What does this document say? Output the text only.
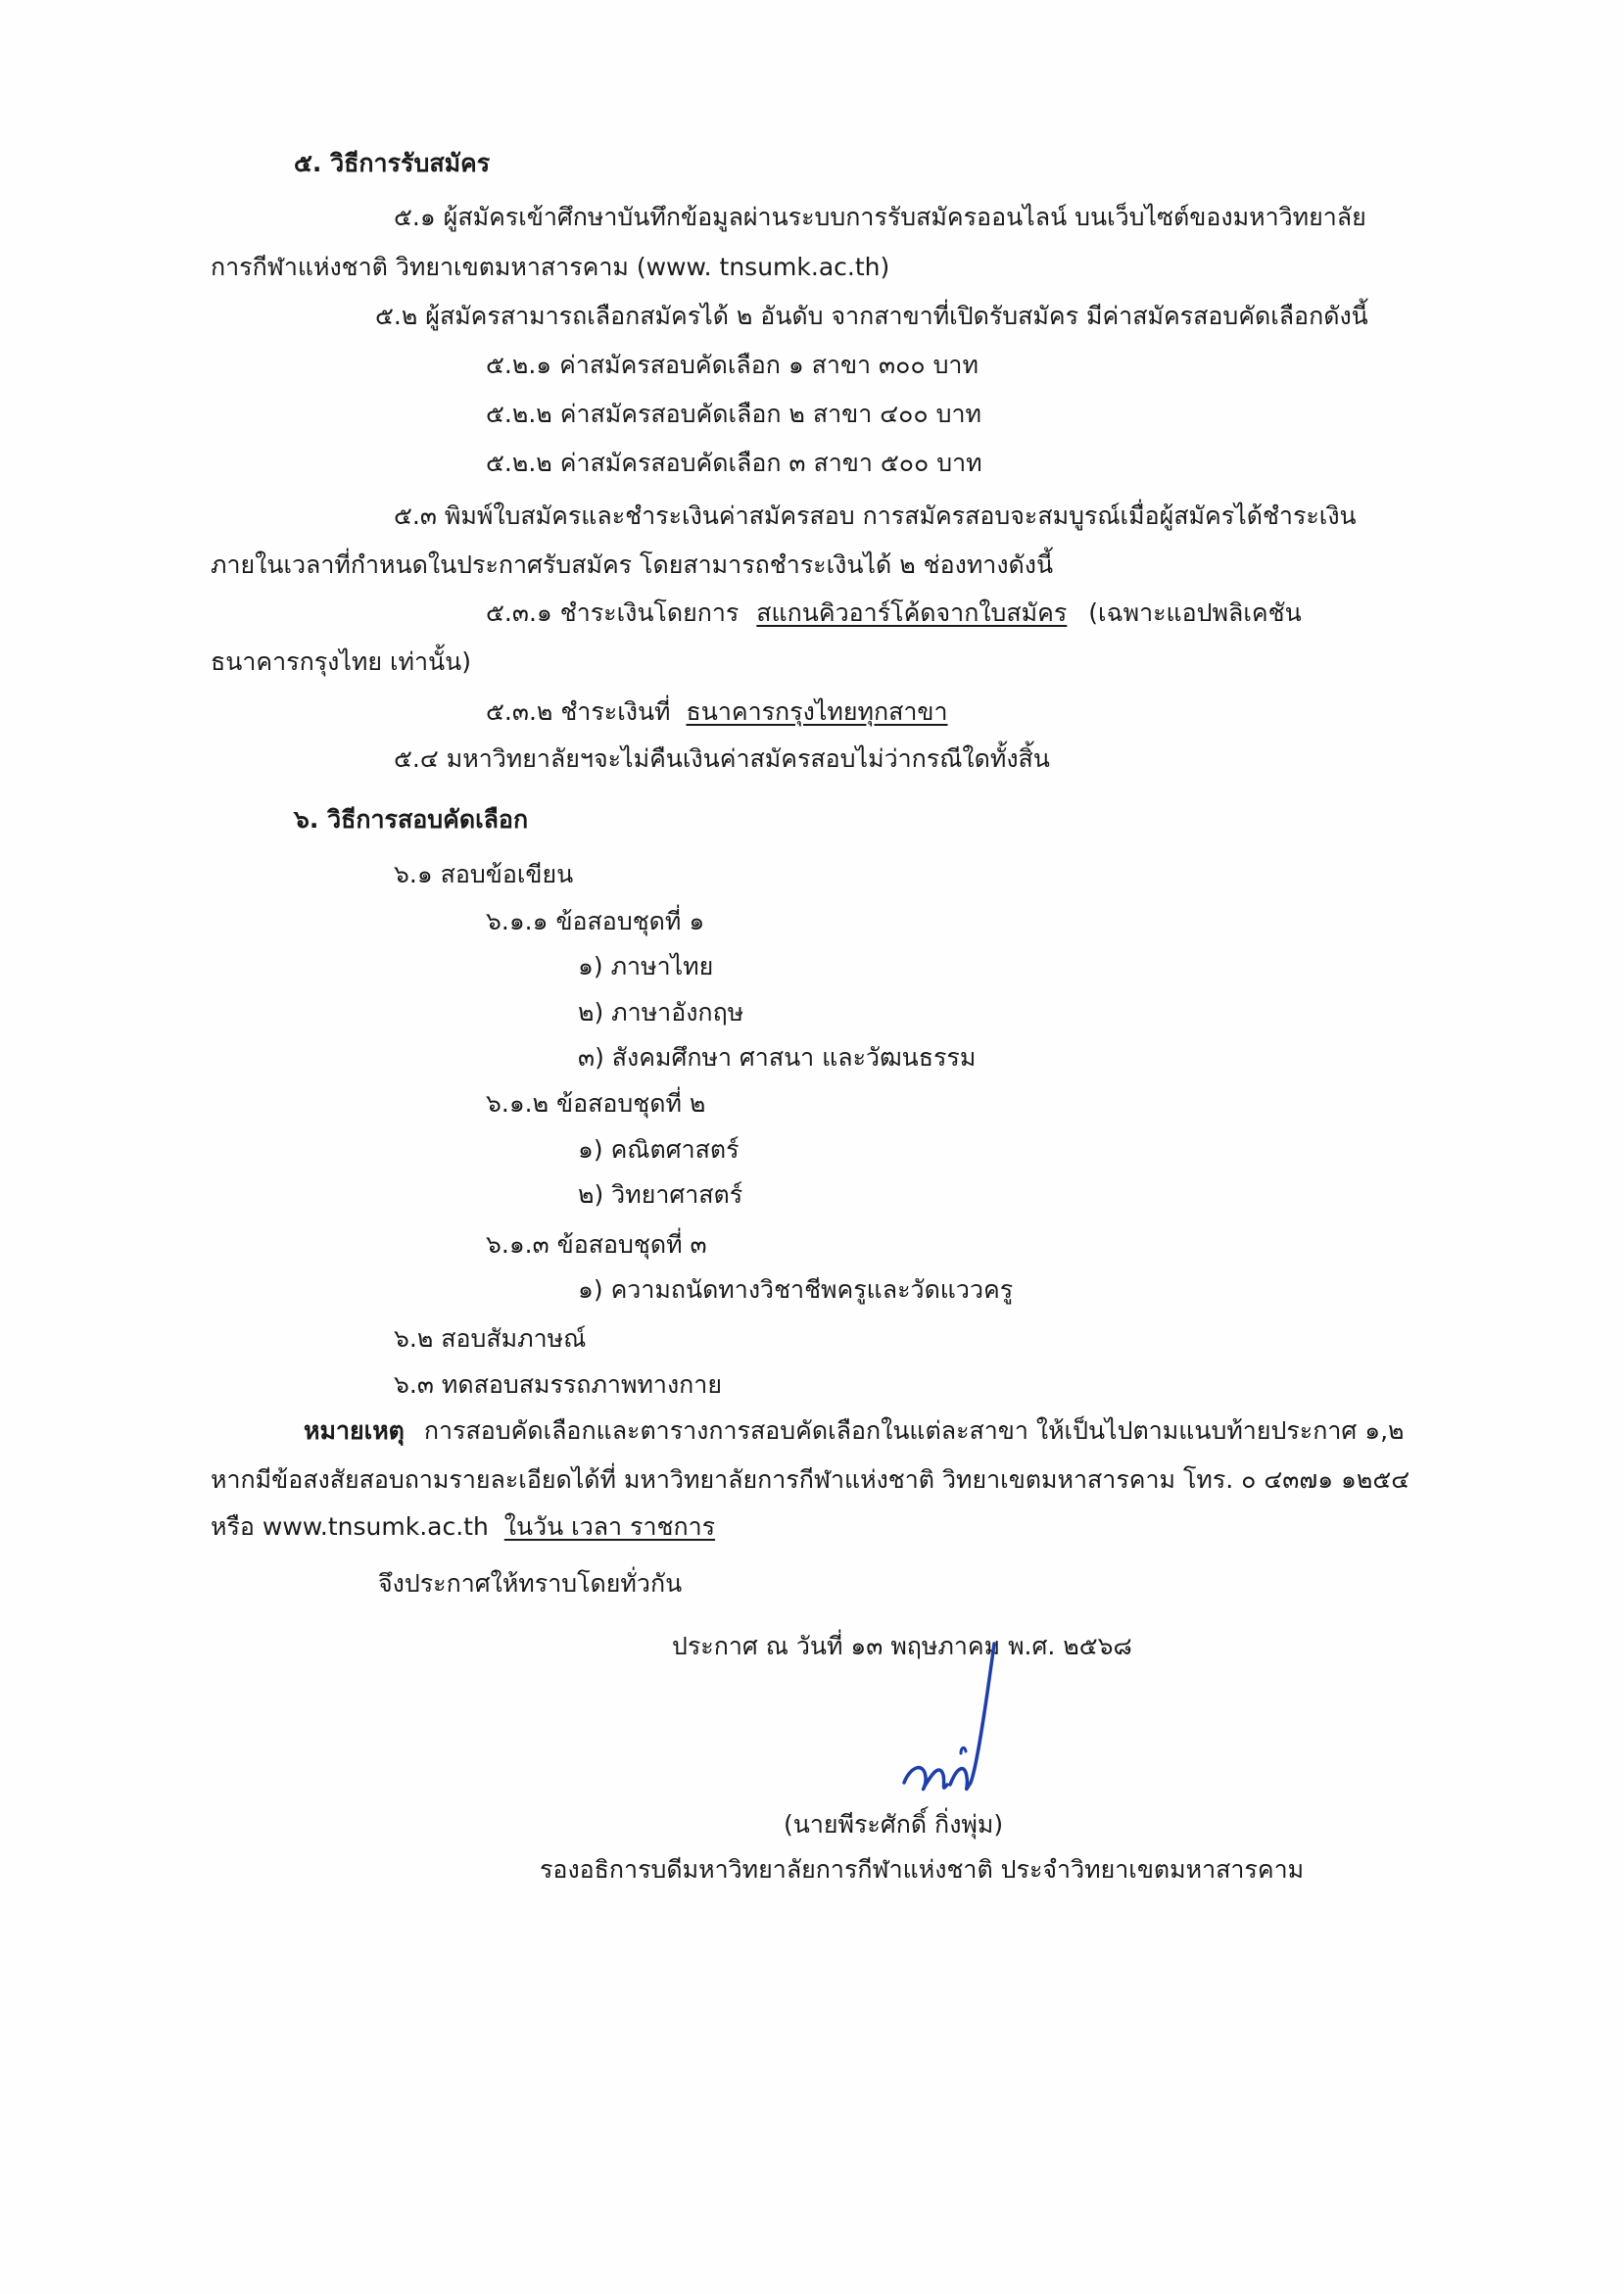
๕. วิธีการรับสมัคร
๕.๑ ผู้สมัครเข้าศึกษาบันทึกข้อมูลผ่านระบบการรับสมัครออนไลน์ บนเว็บไซต์ของมหาวิทยาลัย
การกีฬาแห่งชาติ วิทยาเขตมหาสารคาม (www. tnsumk.ac.th)
๕.๒ ผู้สมัครสามารถเลือกสมัครได้ ๒ อันดับ จากสาขาที่เปิดรับสมัคร มีค่าสมัครสอบคัดเลือกดังนี้
๕.๒.๑ ค่าสมัครสอบคัดเลือก ๑ สาขา ๓๐๐ บาท
๕.๒.๒ ค่าสมัครสอบคัดเลือก ๒ สาขา ๔๐๐ บาท
๕.๒.๒ ค่าสมัครสอบคัดเลือก ๓ สาขา ๕๐๐ บาท
๕.๓ พิมพ์ใบสมัครและชำระเงินค่าสมัครสอบ การสมัครสอบจะสมบูรณ์เมื่อผู้สมัครได้ชำระเงิน
ภายในเวลาที่กำหนดในประกาศรับสมัคร โดยสามารถชำระเงินได้ ๒ ช่องทางดังนี้
๕.๓.๑ ชำระเงินโดยการ สแกนคิวอาร์โค้ดจากใบสมัคร (เฉพาะแอปพลิเคชัน
ธนาคารกรุงไทย เท่านั้น)
๕.๓.๒ ชำระเงินที่ ธนาคารกรุงไทยทุกสาขา
๕.๔ มหาวิทยาลัยฯจะไม่คืนเงินค่าสมัครสอบไม่ว่ากรณีใดทั้งสิ้น
๖. วิธีการสอบคัดเลือก
๖.๑ สอบข้อเขียน
๖.๑.๑ ข้อสอบชุดที่ ๑
๑) ภาษาไทย
๒) ภาษาอังกฤษ
๓) สังคมศึกษา ศาสนา และวัฒนธรรม
๖.๑.๒ ข้อสอบชุดที่ ๒
๑) คณิตศาสตร์
๒) วิทยาศาสตร์
๖.๑.๓ ข้อสอบชุดที่ ๓
๑) ความถนัดทางวิชาชีพครูและวัดแววครู
๖.๒ สอบสัมภาษณ์
๖.๓ ทดสอบสมรรถภาพทางกาย
หมายเหตุ การสอบคัดเลือกและตารางการสอบคัดเลือกในแต่ละสาขา ให้เป็นไปตามแนบท้ายประกาศ ๑,๒
หากมีข้อสงสัยสอบถามรายละเอียดได้ที่ มหาวิทยาลัยการกีฬาแห่งชาติ วิทยาเขตมหาสารคาม โทร. ๐ ๔๓๗๑ ๑๒๕๔
หรือ www.tnsumk.ac.th ในวัน เวลา ราชการ
จึงประกาศให้ทราบโดยทั่วกัน
ประกาศ ณ วันที่ ๑๓ พฤษภาคม พ.ศ. ๒๕๖๘
(นายพีระศักดิ์ กิ่งพุ่ม)
รองอธิการบดีมหาวิทยาลัยการกีฬาแห่งชาติ ประจำวิทยาเขตมหาสารคาม
